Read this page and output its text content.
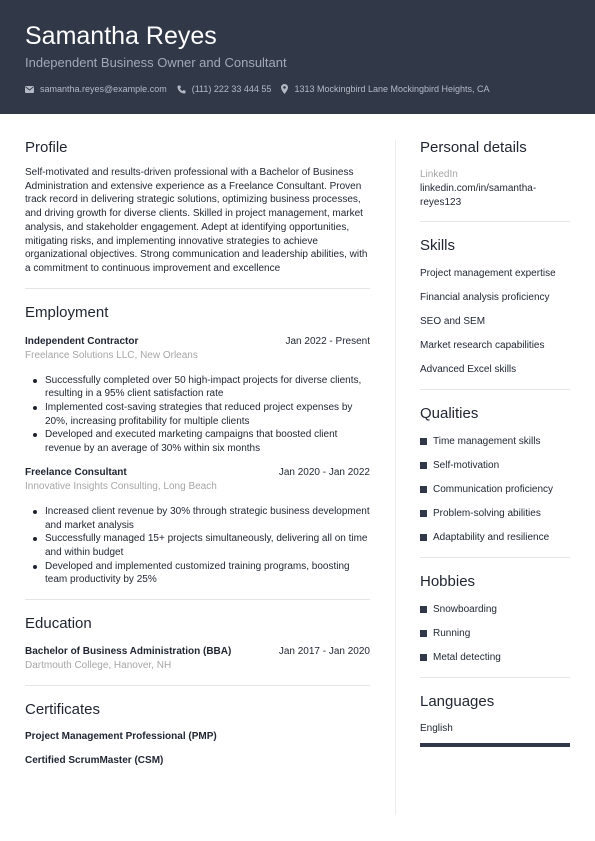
Samantha Reyes
Independent Business Owner and Consultant
samantha.reyes@example.com	(111) 222 33 444 55	1313 Mockingbird Lane Mockingbird Heights, CA
Profile
Self-motivated and results-driven professional with a Bachelor of Business Administration and extensive experience as a Freelance Consultant. Proven track record in delivering strategic solutions, optimizing business processes, and driving growth for diverse clients. Skilled in project management, market analysis, and stakeholder engagement. Adept at identifying opportunities, mitigating risks, and implementing innovative strategies to achieve organizational objectives. Strong communication and leadership abilities, with a commitment to continuous improvement and excellence
Employment
Independent Contractor	Jan 2022 - Present
Freelance Solutions LLC, New Orleans
Successfully completed over 50 high-impact projects for diverse clients, resulting in a 95% client satisfaction rate
Implemented cost-saving strategies that reduced project expenses by 20%, increasing profitability for multiple clients
Developed and executed marketing campaigns that boosted client revenue by an average of 30% within six months
Freelance Consultant	Jan 2020 - Jan 2022
Innovative Insights Consulting, Long Beach
Increased client revenue by 30% through strategic business development and market analysis
Successfully managed 15+ projects simultaneously, delivering all on time and within budget
Developed and implemented customized training programs, boosting team productivity by 25%
Education
Bachelor of Business Administration (BBA)	Jan 2017 - Jan 2020
Dartmouth College, Hanover, NH
Certificates
Project Management Professional (PMP)
Certified ScrumMaster (CSM)
Personal details
LinkedIn
linkedin.com/in/samantha-reyes123
Skills
Project management expertise
Financial analysis proficiency
SEO and SEM
Market research capabilities
Advanced Excel skills
Qualities
Time management skills
Self-motivation
Communication proficiency
Problem-solving abilities
Adaptability and resilience
Hobbies
Snowboarding
Running
Metal detecting
Languages
English
